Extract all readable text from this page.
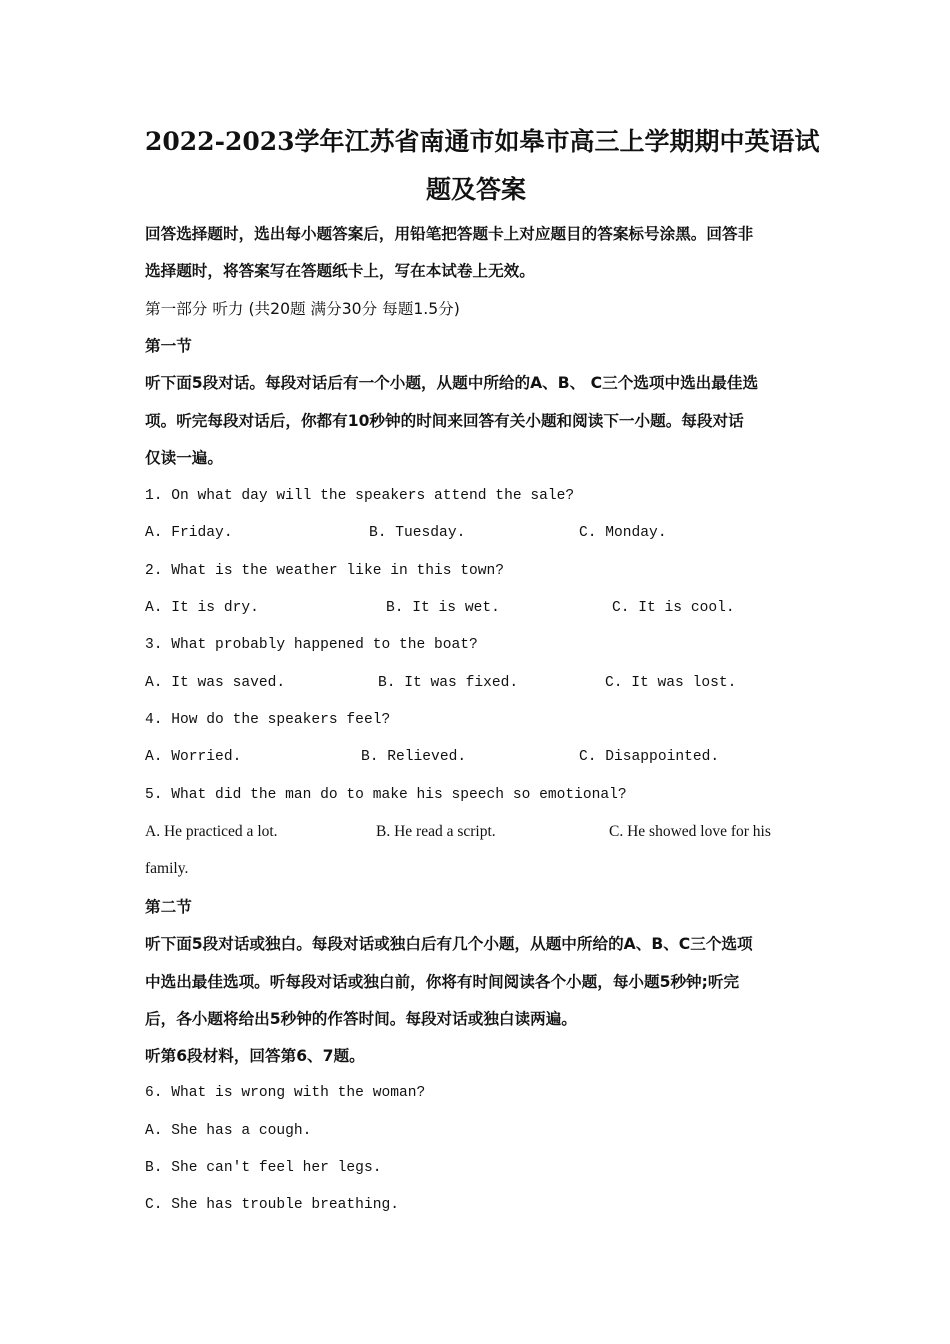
2022-2023学年江苏省南通市如皋市高三上学期期中英语试
题及答案
回答选择题时，选出每小题答案后，用铅笔把答题卡上对应题目的答案标号涂黑。回答非
选择题时，将答案写在答题纸卡上，写在本试卷上无效。
第一部分 听力 (共20题 满分30分 每题1.5分)
第一节
听下面5段对话。每段对话后有一个小题，从题中所给的A、B、 C三个选项中选出最佳选
项。听完每段对话后，你都有10秒钟的时间来回答有关小题和阅读下一小题。每段对话
仅读一遍。
1. On what day will the speakers attend the sale?
A. Friday.	B. Tuesday.	C. Monday.
2. What is the weather like in this town?
A. It is dry.	B. It is wet.	C. It is cool.
3. What probably happened to the boat?
A. It was saved.	B. It was fixed.	C. It was lost.
4. How do the speakers feel?
A. Worried.	B. Relieved.	C. Disappointed.
5. What did the man do to make his speech so emotional?
A. He practiced a lot.	B. He read a script.	C. He showed love for his
family.
第二节
听下面5段对话或独白。每段对话或独白后有几个小题，从题中所给的A、B、C三个选项
中选出最佳选项。听每段对话或独白前，你将有时间阅读各个小题，每小题5秒钟;听完
后，各小题将给出5秒钟的作答时间。每段对话或独白读两遍。
听第6段材料，回答第6、7题。
6. What is wrong with the woman?
A. She has a cough.
B. She can't feel her legs.
C. She has trouble breathing.
